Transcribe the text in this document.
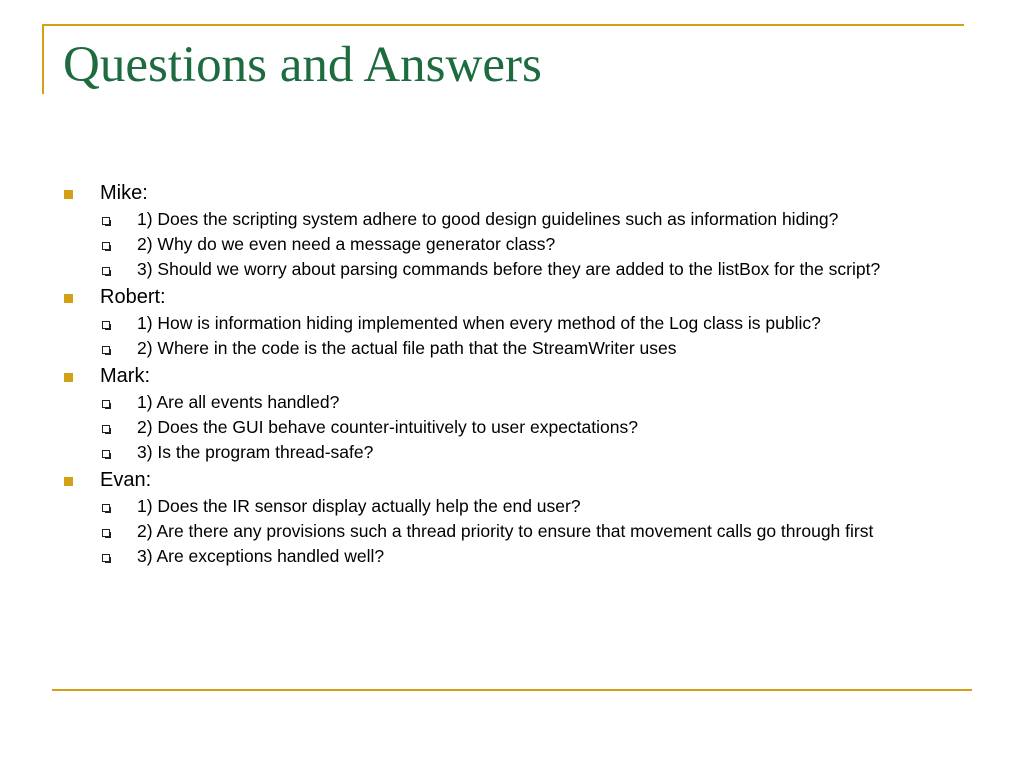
Questions and Answers
Mike:
1) Does the scripting system adhere to good design guidelines such as information hiding?
2) Why do we even need a message generator class?
3) Should we worry about parsing commands before they are added to the listBox for the script?
Robert:
1) How is information hiding implemented when every method of the Log class is public?
2) Where in the code is the actual file path that the StreamWriter uses
Mark:
1) Are all events handled?
2) Does the GUI behave counter-intuitively to user expectations?
3) Is the program thread-safe?
Evan:
1) Does the IR sensor display actually help the end user?
2) Are there any provisions such a thread priority to ensure that movement calls go through first
3) Are exceptions handled well?
